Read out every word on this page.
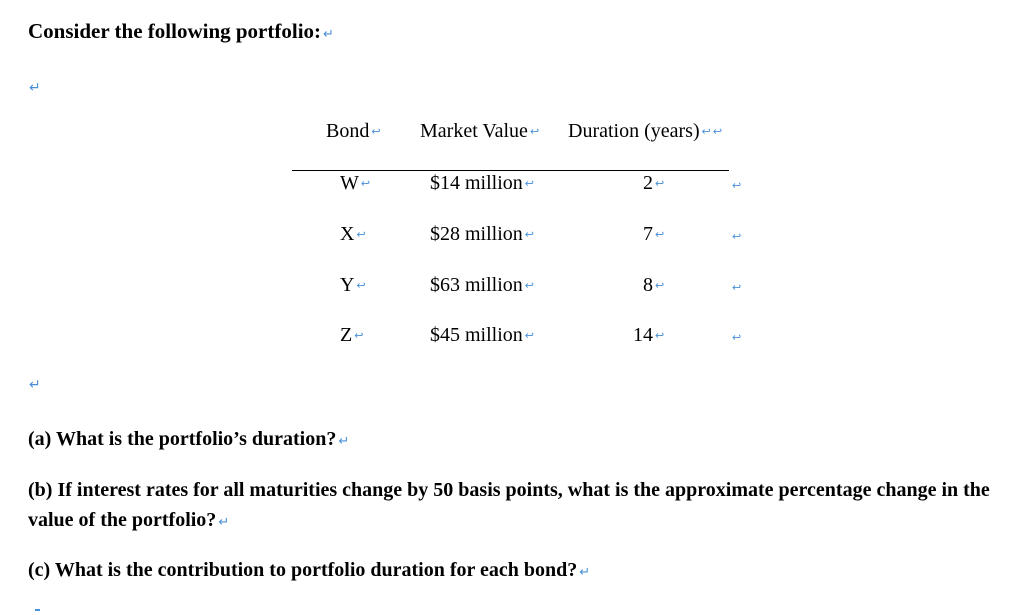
Consider the following portfolio: ↵

↵
Bond ↩ Market Value ↩ Duration (years) ↩ ↩
W ↩	$14 million ↩	2 ↩	↩
X ↩	$28 million ↩	7 ↩	↩
Y ↩	$63 million ↩	8 ↩	↩
Z ↩	$45 million ↩	14 ↩	↩
↵

(a) What is the portfolio’s duration? ↵

(b) If interest rates for all maturities change by 50 basis points, what is the approximate percentage change in the value of the portfolio? ↵

(c) What is the contribution to portfolio duration for each bond? ↵
